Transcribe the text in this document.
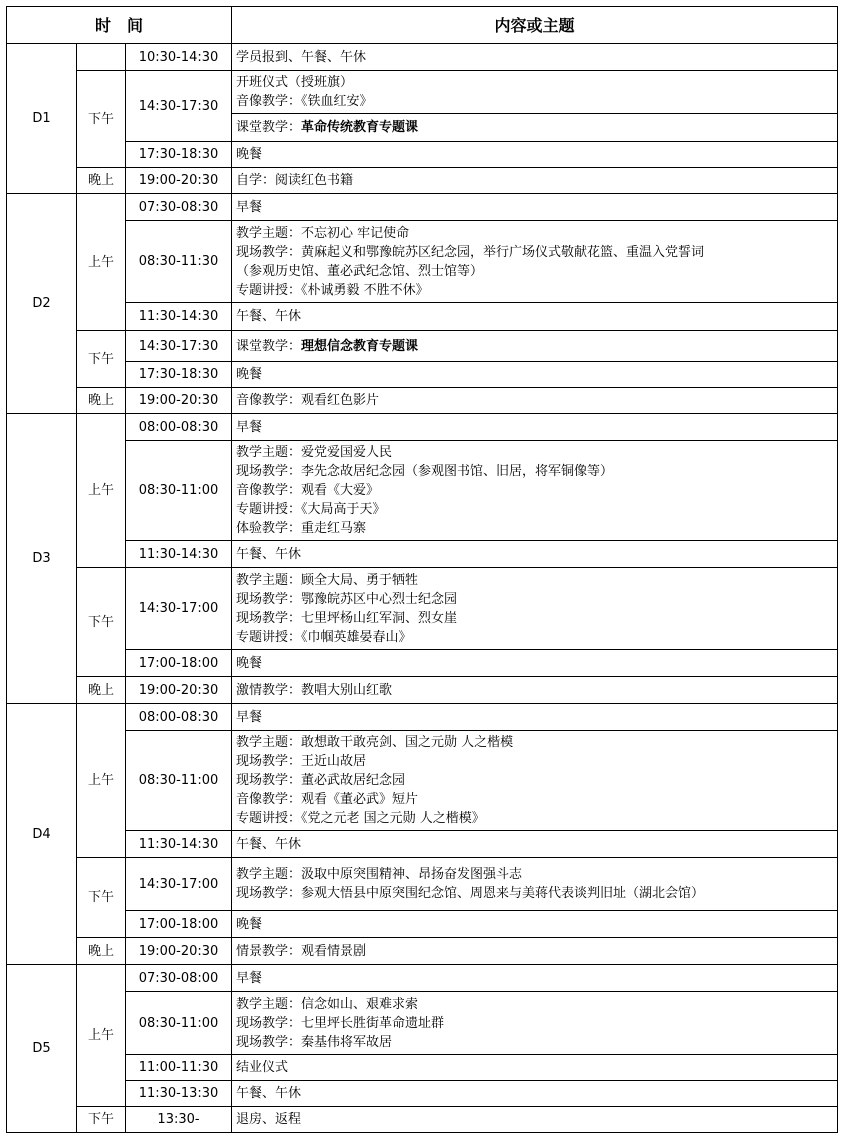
时　间			内容或主题
D1		10:30-14:30	学员报到、午餐、午休

	下午	14:30-17:30	开班仪式（授班旗）
音像教学：《铁血红安》

			课堂教学：革命传统教育专题课

		17:30-18:30	晚餐

	晚上	19:00-20:30	自学：阅读红色书籍

D2	上午	07:30-08:30	早餐

		08:30-11:30	教学主题：不忘初心 牢记使命
现场教学：黄麻起义和鄂豫皖苏区纪念园，举行广场仪式敬献花篮、重温入党誓词
（参观历史馆、董必武纪念馆、烈士馆等）
专题讲授：《朴诚勇毅 不胜不休》

		11:30-14:30	午餐、午休

	下午	14:30-17:30	课堂教学：理想信念教育专题课

		17:30-18:30	晚餐

	晚上	19:00-20:30	音像教学：观看红色影片

D3	上午	08:00-08:30	早餐

		08:30-11:00	教学主题：爱党爱国爱人民
现场教学：李先念故居纪念园（参观图书馆、旧居，将军铜像等）
音像教学：观看《大爱》
专题讲授：《大局高于天》
体验教学：重走红马寨

		11:30-14:30	午餐、午休

	下午	14:30-17:00	教学主题：顾全大局、勇于牺牲
现场教学：鄂豫皖苏区中心烈士纪念园
现场教学：七里坪杨山红军洞、烈女崖
专题讲授：《巾帼英雄晏春山》

		17:00-18:00	晚餐

	晚上	19:00-20:30	激情教学：教唱大别山红歌

D4	上午	08:00-08:30	早餐

		08:30-11:00	教学主题：敢想敢干敢亮剑、国之元勋 人之楷模
现场教学：王近山故居
现场教学：董必武故居纪念园
音像教学：观看《董必武》短片
专题讲授：《党之元老 国之元勋 人之楷模》

		11:30-14:30	午餐、午休

	下午	14:30-17:00	教学主题：汲取中原突围精神、昂扬奋发图强斗志
现场教学：参观大悟县中原突围纪念馆、周恩来与美蒋代表谈判旧址（湖北会馆）

		17:00-18:00	晚餐

	晚上	19:00-20:30	情景教学：观看情景剧

D5	上午	07:30-08:00	早餐

		08:30-11:00	教学主题：信念如山、艰难求索
现场教学：七里坪长胜街革命遗址群
现场教学：秦基伟将军故居

		11:00-11:30	结业仪式

		11:30-13:30	午餐、午休

	下午	13:30-	退房、返程
